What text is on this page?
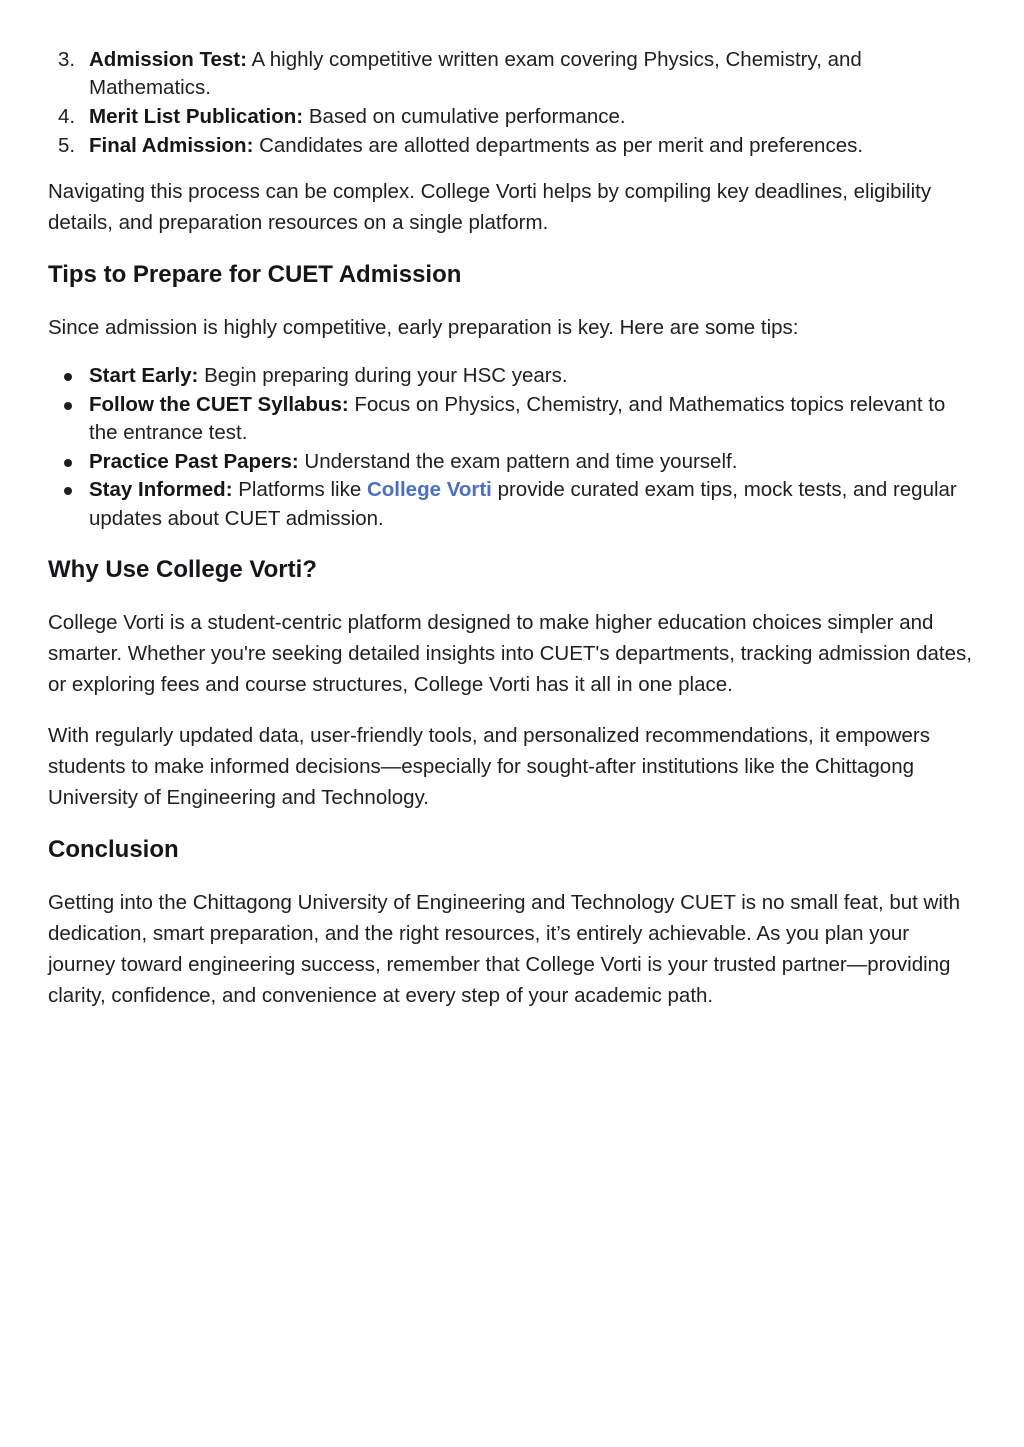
3. Admission Test: A highly competitive written exam covering Physics, Chemistry, and Mathematics.
4. Merit List Publication: Based on cumulative performance.
5. Final Admission: Candidates are allotted departments as per merit and preferences.

Navigating this process can be complex. College Vorti helps by compiling key deadlines, eligibility details, and preparation resources on a single platform.

Tips to Prepare for CUET Admission

Since admission is highly competitive, early preparation is key. Here are some tips:

Start Early: Begin preparing during your HSC years.
Follow the CUET Syllabus: Focus on Physics, Chemistry, and Mathematics topics relevant to the entrance test.
Practice Past Papers: Understand the exam pattern and time yourself.
Stay Informed: Platforms like College Vorti provide curated exam tips, mock tests, and regular updates about CUET admission.
Why Use College Vorti?

College Vorti is a student-centric platform designed to make higher education choices simpler and smarter. Whether you're seeking detailed insights into CUET's departments, tracking admission dates, or exploring fees and course structures, College Vorti has it all in one place.

With regularly updated data, user-friendly tools, and personalized recommendations, it empowers students to make informed decisions—especially for sought-after institutions like the Chittagong University of Engineering and Technology.

Conclusion

Getting into the Chittagong University of Engineering and Technology CUET is no small feat, but with dedication, smart preparation, and the right resources, it’s entirely achievable. As you plan your journey toward engineering success, remember that College Vorti is your trusted partner—providing clarity, confidence, and convenience at every step of your academic path.
